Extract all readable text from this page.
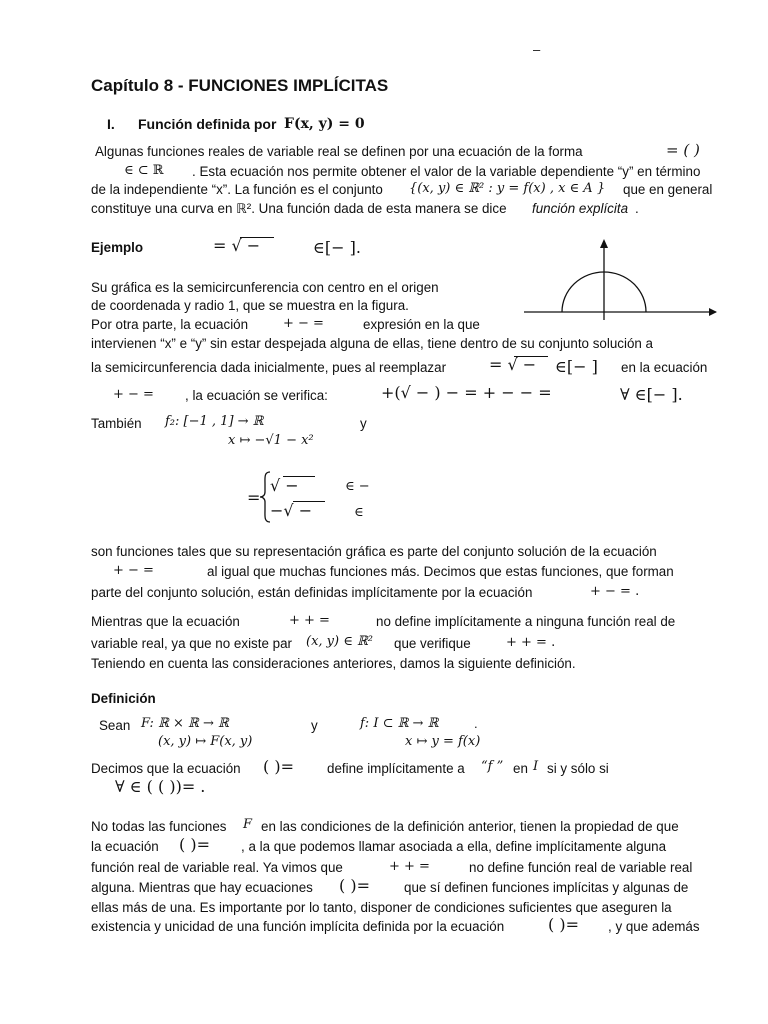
–
Capítulo 8 - FUNCIONES IMPLÍCITAS
I. Función definida por F(x, y) = 0
Algunas funciones reales de variable real se definen por una ecuación de la forma	= ( )
∈ ⊂ ℝ . Esta ecuación nos permite obtener el valor de la variable dependiente “y” en término
de la independiente “x”. La función es el conjunto {(x, y) ∈ ℝ² : y = f(x) , x ∈ A } que en general
constituye una curva en ℝ². Una función dada de esta manera se dice función explícita .
Ejemplo	= √ −	∈[− ].
Su gráfica es la semicircunferencia con centro en el origen
de coordenada y radio 1, que se muestra en la figura.
Por otra parte, la ecuación	+ − =	expresión en la que
intervienen “x” e “y” sin estar despejada alguna de ellas, tiene dentro de su conjunto solución a
la semicircunferencia dada inicialmente, pues al reemplazar	= √ − ∈[− ] en la ecuación
+ − = , la ecuación se verifica:	+(√ − ) − = + − − =	∀ ∈[− ].
También f₂: [−1 , 1] → ℝ
x ↦ −√1 − x²
y
=
√ −	∈ −
−√ −	∈
son funciones tales que su representación gráfica es parte del conjunto solución de la ecuación
+ − =	al igual que muchas funciones más. Decimos que estas funciones, que forman
parte del conjunto solución, están definidas implícitamente por la ecuación	+ − = .
Mientras que la ecuación	+ + =	no define implícitamente a ninguna función real de
variable real, ya que no existe par (x, y) ∈ ℝ² que verifique	+ + = .
Teniendo en cuenta las consideraciones anteriores, damos la siguiente definición.
Definición
Sean F: ℝ × ℝ → ℝ
(x, y) ↦ F(x, y)
y	f: I ⊂ ℝ → ℝ	.
x ↦ y = f(x)
Decimos que la ecuación ( )= define implícitamente a “f ” en I si y sólo si
∀ ∈ ( ( ))= .
No todas las funciones F en las condiciones de la definición anterior, tienen la propiedad de que
la ecuación ( )= , a la que podemos llamar asociada a ella, define implícitamente alguna
función real de variable real. Ya vimos que	+ + =	no define función real de variable real
alguna. Mientras que hay ecuaciones ( )=	que sí definen funciones implícitas y algunas de
ellas más de una. Es importante por lo tanto, disponer de condiciones suficientes que aseguren la
existencia y unicidad de una función implícita definida por la ecuación	( )= , y que además
